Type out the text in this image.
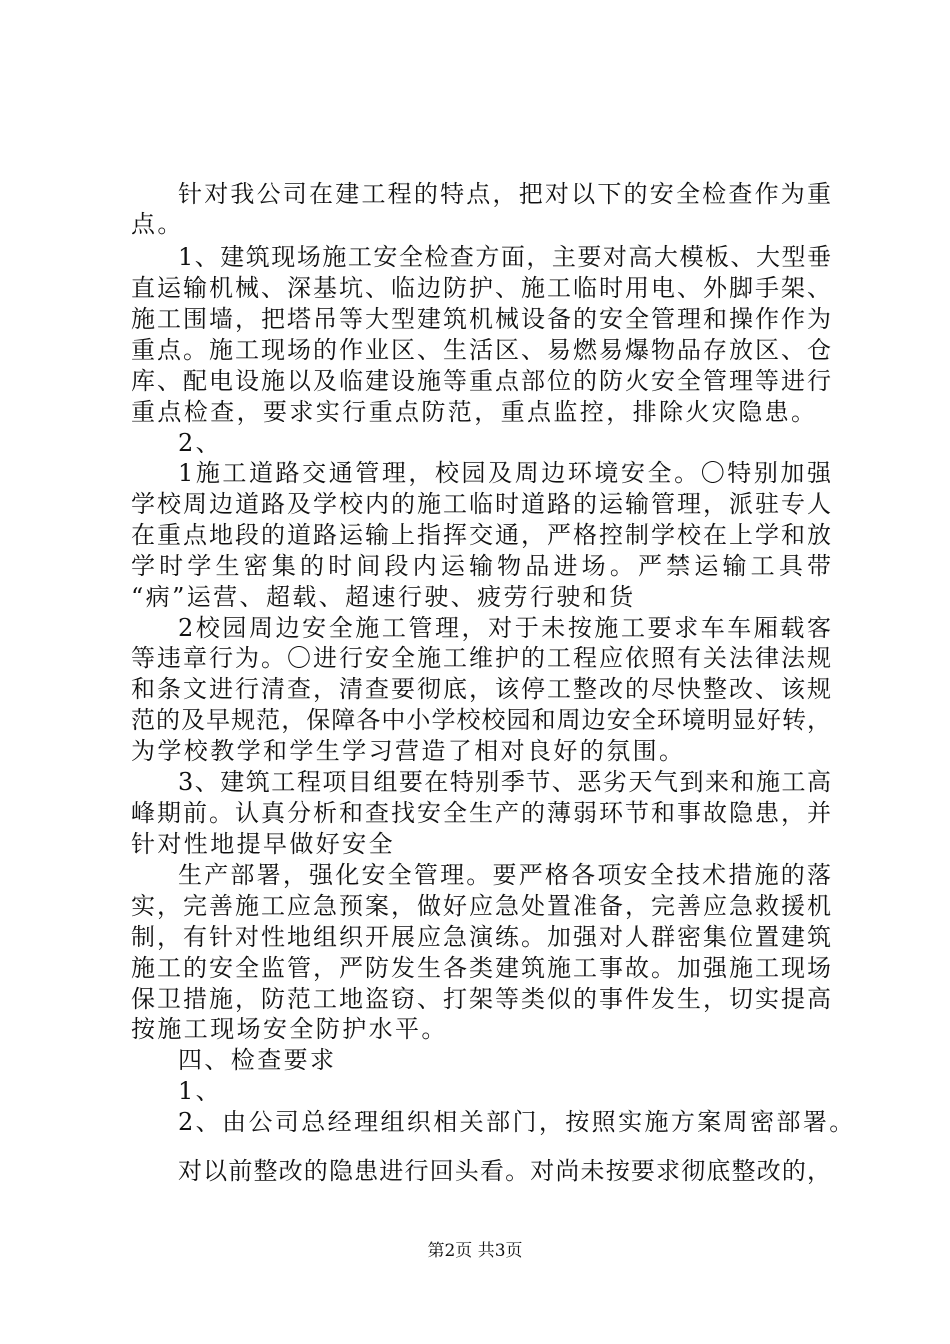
针对我公司在建工程的特点，把对以下的安全检查作为重
点。
1、建筑现场施工安全检查方面，主要对高大模板、大型垂
直运输机械、深基坑、临边防护、施工临时用电、外脚手架、
施工围墙，把塔吊等大型建筑机械设备的安全管理和操作作为
重点。施工现场的作业区、生活区、易燃易爆物品存放区、仓
库、配电设施以及临建设施等重点部位的防火安全管理等进行
重点检查，要求实行重点防范，重点监控，排除火灾隐患。
2、
1施工道路交通管理，校园及周边环境安全。〇特别加强
学校周边道路及学校内的施工临时道路的运输管理，派驻专人
在重点地段的道路运输上指挥交通，严格控制学校在上学和放
学时学生密集的时间段内运输物品进场。严禁运输工具带
“病”运营、超载、超速行驶、疲劳行驶和货
2校园周边安全施工管理，对于未按施工要求车车厢载客
等违章行为。〇进行安全施工维护的工程应依照有关法律法规
和条文进行清查，清查要彻底，该停工整改的尽快整改、该规
范的及早规范，保障各中小学校校园和周边安全环境明显好转，
为学校教学和学生学习营造了相对良好的氛围。
3、建筑工程项目组要在特别季节、恶劣天气到来和施工高
峰期前。认真分析和查找安全生产的薄弱环节和事故隐患，并
针对性地提早做好安全
生产部署，强化安全管理。要严格各项安全技术措施的落
实，完善施工应急预案，做好应急处置准备，完善应急救援机
制，有针对性地组织开展应急演练。加强对人群密集位置建筑
施工的安全监管，严防发生各类建筑施工事故。加强施工现场
保卫措施，防范工地盗窃、打架等类似的事件发生，切实提高
按施工现场安全防护水平。
四、检查要求
1、
2、由公司总经理组织相关部门，按照实施方案周密部署。
对以前整改的隐患进行回头看。对尚未按要求彻底整改的，
第2页 共3页
